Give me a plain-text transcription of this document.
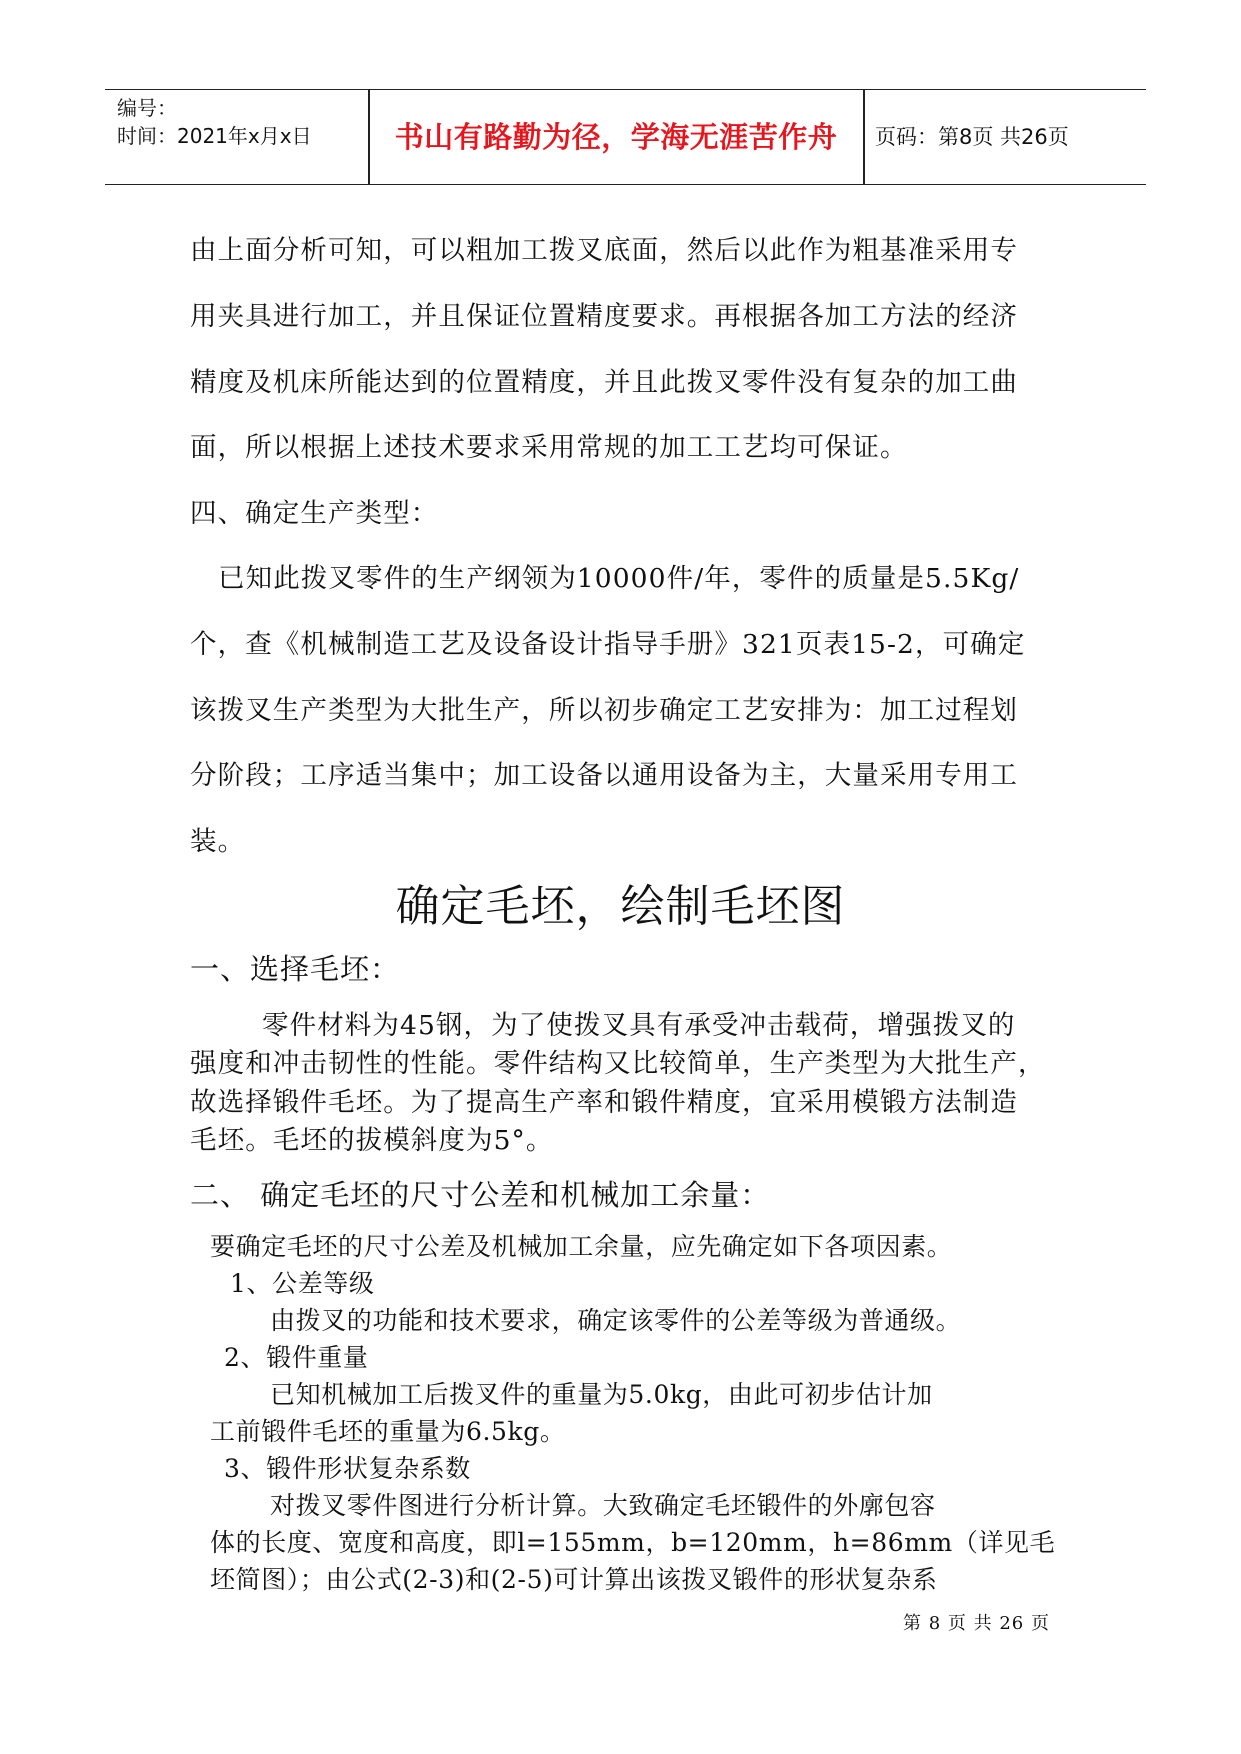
编号：
时间：2021年x月x日	书山有路勤为径，学海无涯苦作舟	页码：第8页 共26页
由上面分析可知，可以粗加工拨叉底面，然后以此作为粗基准采用专
用夹具进行加工，并且保证位置精度要求。再根据各加工方法的经济
精度及机床所能达到的位置精度，并且此拨叉零件没有复杂的加工曲
面，所以根据上述技术要求采用常规的加工工艺均可保证。
四、确定生产类型：
已知此拨叉零件的生产纲领为10000件/年，零件的质量是5.5Kg/
个，查《机械制造工艺及设备设计指导手册》321页表15-2，可确定
该拨叉生产类型为大批生产，所以初步确定工艺安排为：加工过程划
分阶段；工序适当集中；加工设备以通用设备为主，大量采用专用工
装。
确定毛坯，绘制毛坯图
一、选择毛坯：
零件材料为45钢，为了使拨叉具有承受冲击载荷，增强拨叉的
强度和冲击韧性的性能。零件结构又比较简单，生产类型为大批生产，
故选择锻件毛坯。为了提高生产率和锻件精度，宜采用模锻方法制造
毛坯。毛坯的拔模斜度为5°。
二、 确定毛坯的尺寸公差和机械加工余量：
要确定毛坯的尺寸公差及机械加工余量，应先确定如下各项因素。
1、公差等级
由拨叉的功能和技术要求，确定该零件的公差等级为普通级。
2、锻件重量
已知机械加工后拨叉件的重量为5.0kg，由此可初步估计加
工前锻件毛坯的重量为6.5kg。
3、锻件形状复杂系数
对拨叉零件图进行分析计算。大致确定毛坯锻件的外廓包容
体的长度、宽度和高度，即l=155mm，b=120mm，h=86mm（详见毛
坯简图）；由公式(2-3)和(2-5)可计算出该拨叉锻件的形状复杂系
第 8 页 共 26 页
